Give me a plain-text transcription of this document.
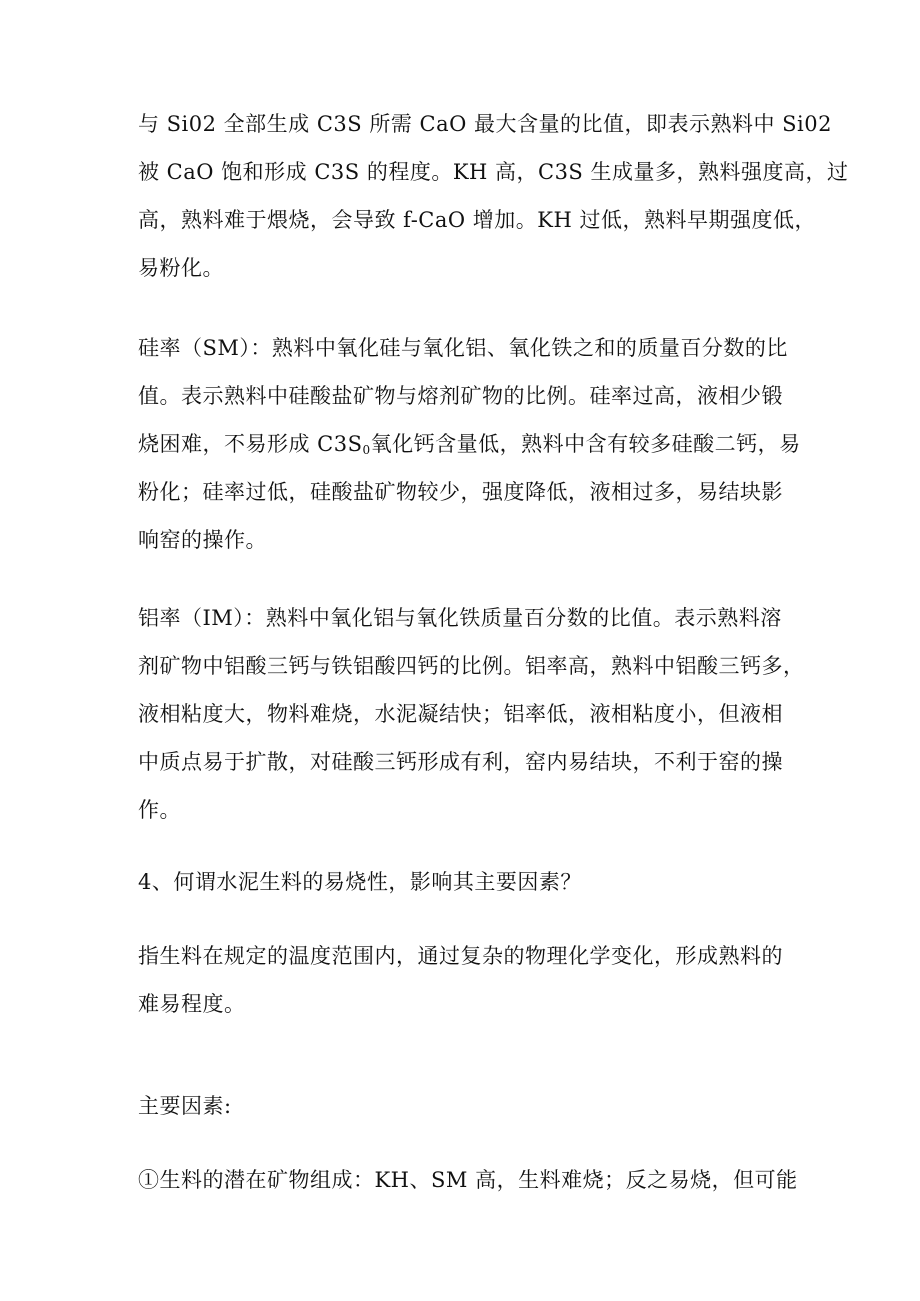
与 Si02 全部生成 C3S 所需 CaO 最大含量的比值，即表示熟料中 Si02
被 CaO 饱和形成 C3S 的程度。KH 高，C3S 生成量多，熟料强度高，过
高，熟料难于煨烧，会导致 f-CaO 增加。KH 过低，熟料早期强度低，
易粉化。
硅率（SM）：熟料中氧化硅与氧化铝、氧化铁之和的质量百分数的比
值。表示熟料中硅酸盐矿物与熔剂矿物的比例。硅率过高，液相少锻
烧困难，不易形成 $C3S_0$氧化钙含量低，熟料中含有较多硅酸二钙，易
粉化；硅率过低，硅酸盐矿物较少，强度降低，液相过多，易结块影
响窑的操作。
铝率（IM）：熟料中氧化铝与氧化铁质量百分数的比值。表示熟料溶
剂矿物中铝酸三钙与铁铝酸四钙的比例。铝率高，熟料中铝酸三钙多，
液相粘度大，物料难烧，水泥凝结快；铝率低，液相粘度小，但液相
中质点易于扩散，对硅酸三钙形成有利，窑内易结块，不利于窑的操
作。
4、何谓水泥生料的易烧性，影响其主要因素？
指生料在规定的温度范围内，通过复杂的物理化学变化，形成熟料的
难易程度。
主要因素:
①生料的潜在矿物组成：KH、SM 高，生料难烧；反之易烧，但可能
